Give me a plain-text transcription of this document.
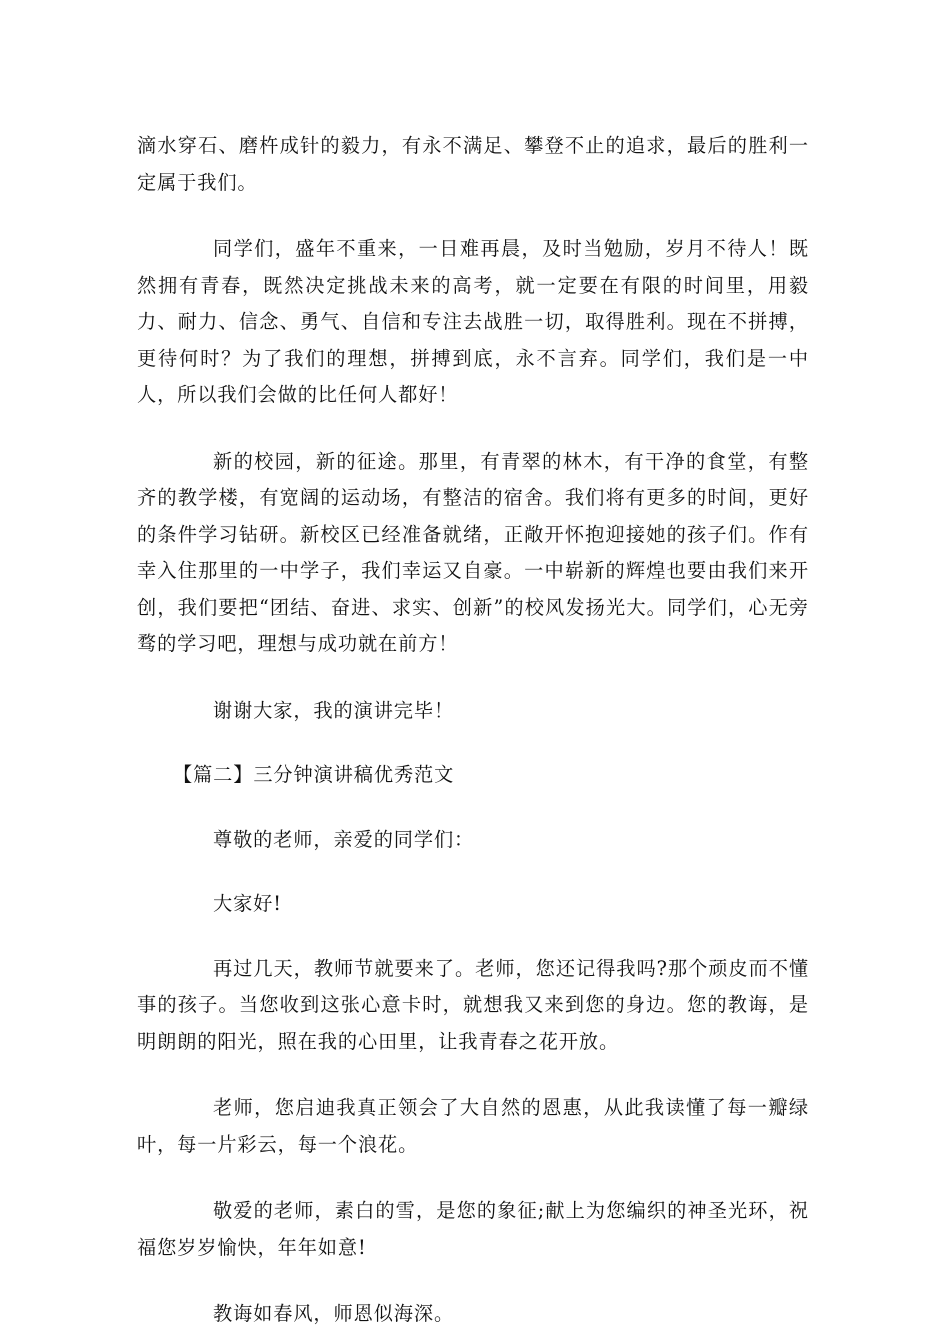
滴水穿石、磨杵成针的毅力，有永不满足、攀登不止的追求，最后的胜利一定属于我们。

同学们，盛年不重来，一日难再晨，及时当勉励，岁月不待人！既然拥有青春，既然决定挑战未来的高考，就一定要在有限的时间里，用毅力、耐力、信念、勇气、自信和专注去战胜一切，取得胜利。现在不拼搏，更待何时？为了我们的理想，拼搏到底，永不言弃。同学们，我们是一中人，所以我们会做的比任何人都好！

新的校园，新的征途。那里，有青翠的林木，有干净的食堂，有整齐的教学楼，有宽阔的运动场，有整洁的宿舍。我们将有更多的时间，更好的条件学习钻研。新校区已经准备就绪，正敞开怀抱迎接她的孩子们。作有幸入住那里的一中学子，我们幸运又自豪。一中崭新的辉煌也要由我们来开创，我们要把“团结、奋进、求实、创新”的校风发扬光大。同学们，心无旁骛的学习吧，理想与成功就在前方！

谢谢大家，我的演讲完毕！

【篇二】三分钟演讲稿优秀范文

尊敬的老师，亲爱的同学们：

大家好!

再过几天，教师节就要来了。老师，您还记得我吗?那个顽皮而不懂事的孩子。当您收到这张心意卡时，就想我又来到您的身边。您的教诲，是明朗朗的阳光，照在我的心田里，让我青春之花开放。

老师，您启迪我真正领会了大自然的恩惠，从此我读懂了每一瓣绿叶，每一片彩云，每一个浪花。

敬爱的老师，素白的雪，是您的象征;献上为您编织的神圣光环，祝福您岁岁愉快，年年如意!

教诲如春风，师恩似海深。
